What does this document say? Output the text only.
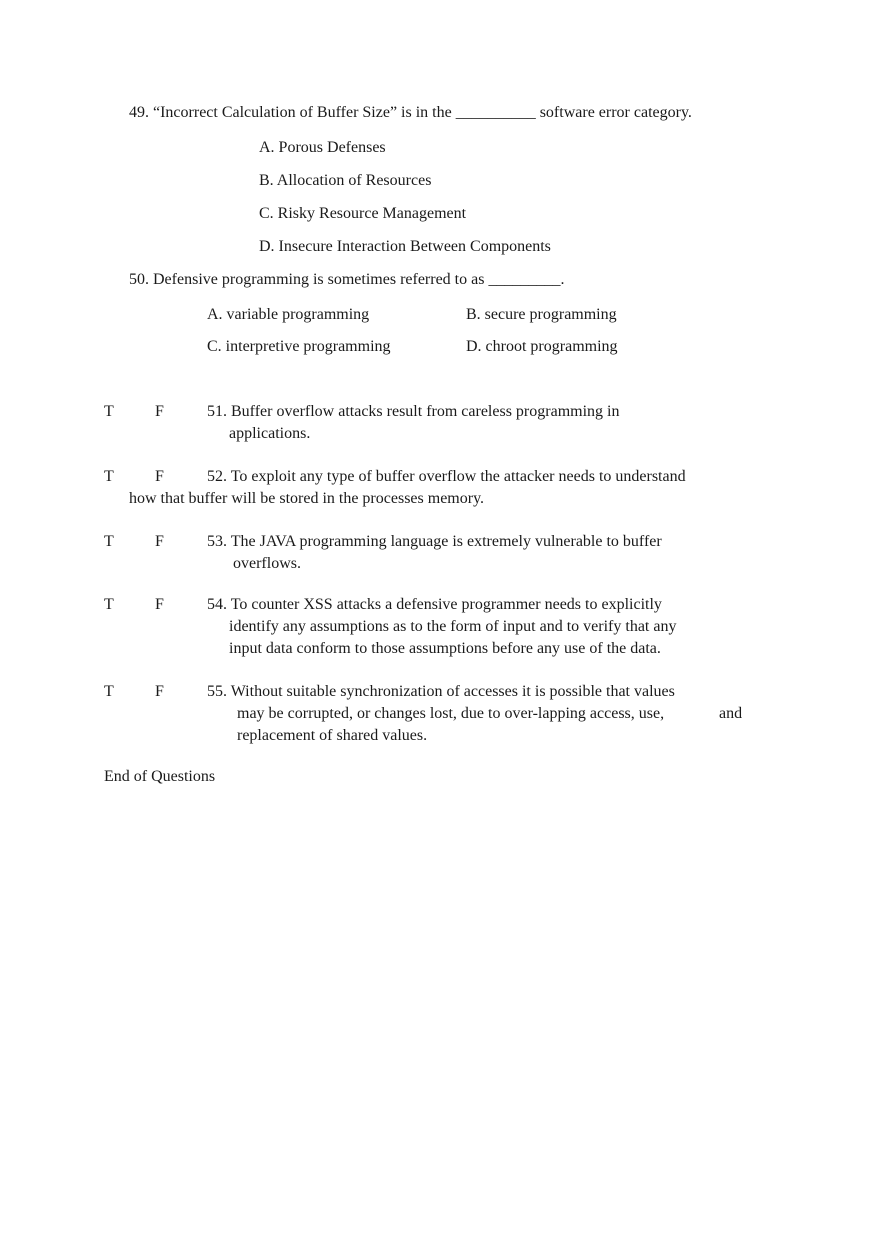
49. “Incorrect Calculation of Buffer Size” is in the __________ software error category.
A. Porous Defenses
B. Allocation of Resources
C. Risky Resource Management
D. Insecure Interaction Between Components
50. Defensive programming is sometimes referred to as _________.
A. variable programming	B. secure programming
C. interpretive programming	D. chroot programming
T	F	51. Buffer overflow attacks result from careless programming in
applications.
T	F	52. To exploit any type of buffer overflow the attacker needs to understand
how that buffer will be stored in the processes memory.
T	F	53. The JAVA programming language is extremely vulnerable to buffer
overflows.
T	F	54. To counter XSS attacks a defensive programmer needs to explicitly
identify any assumptions as to the form of input and to verify that any
input data conform to those assumptions before any use of the data.
T	F	55. Without suitable synchronization of accesses it is possible that values
may be corrupted, or changes lost, due to over-lapping access, use,	and
replacement of shared values.
End of Questions
